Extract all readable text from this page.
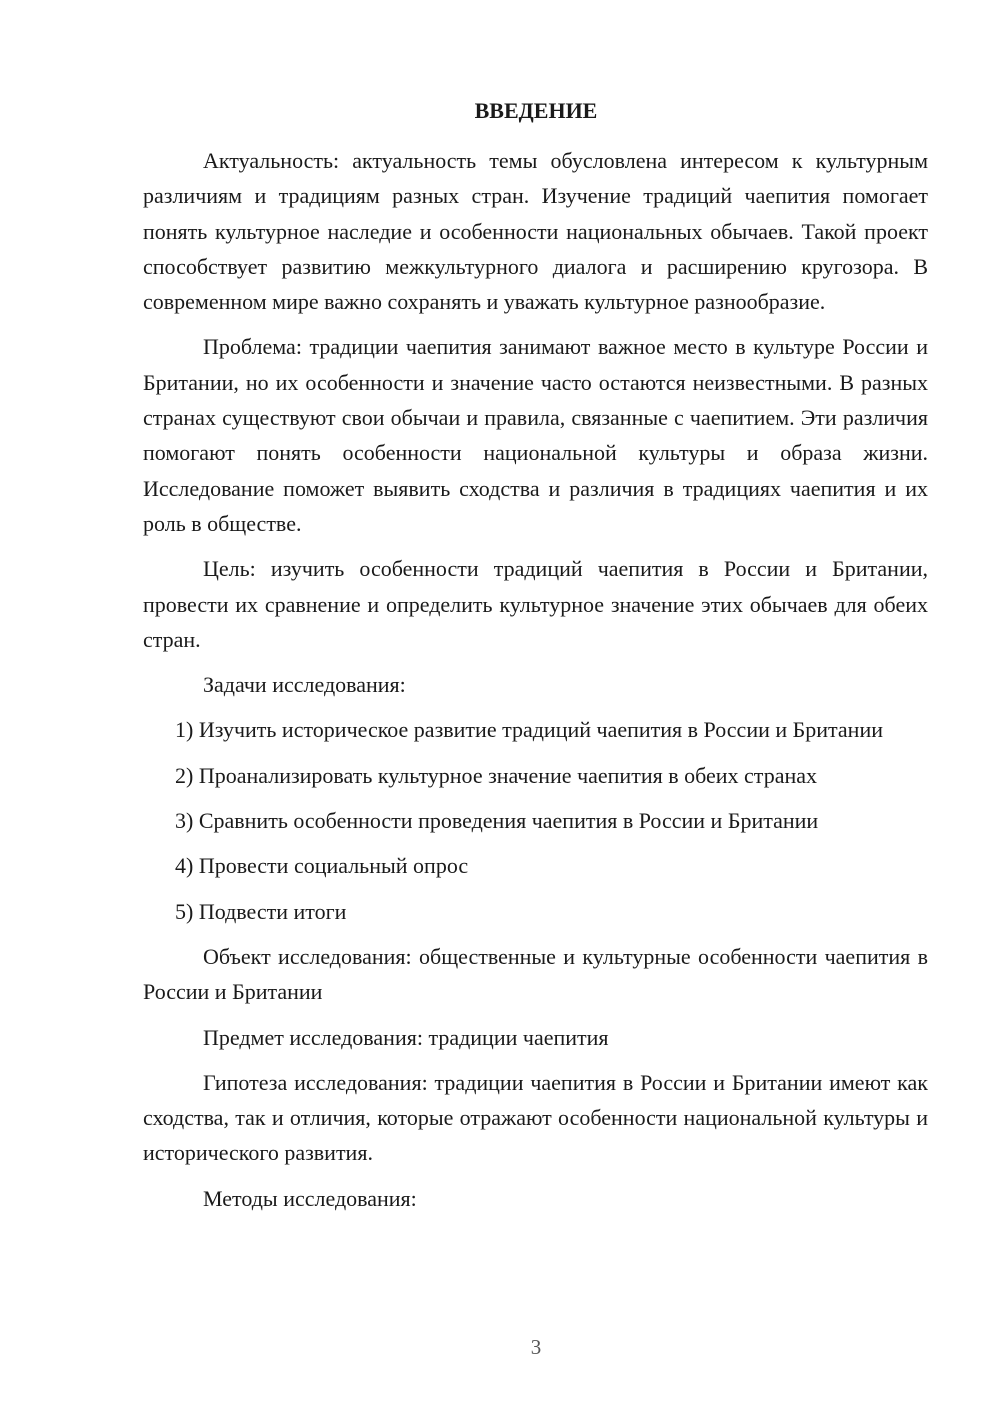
ВВЕДЕНИЕ

Актуальность: актуальность темы обусловлена интересом к культурным различиям и традициям разных стран. Изучение традиций чаепития помогает понять культурное наследие и особенности национальных обычаев. Такой проект способствует развитию межкультурного диалога и расширению кругозора. В современном мире важно сохранять и уважать культурное разнообразие.

Проблема: традиции чаепития занимают важное место в культуре России и Британии, но их особенности и значение часто остаются неизвестными. В разных странах существуют свои обычаи и правила, связанные с чаепитием. Эти различия помогают понять особенности национальной культуры и образа жизни. Исследование поможет выявить сходства и различия в традициях чаепития и их роль в обществе.

Цель: изучить особенности традиций чаепития в России и Британии, провести их сравнение и определить культурное значение этих обычаев для обеих стран.

Задачи исследования:

1) Изучить историческое развитие традиций чаепития в России и Британии

2) Проанализировать культурное значение чаепития в обеих странах

3) Сравнить особенности проведения чаепития в России и Британии

4) Провести социальный опрос

5) Подвести итоги

Объект исследования: общественные и культурные особенности чаепития в России и Британии

Предмет исследования: традиции чаепития

Гипотеза исследования: традиции чаепития в России и Британии имеют как сходства, так и отличия, которые отражают особенности национальной культуры и исторического развития.

Методы исследования:

3
